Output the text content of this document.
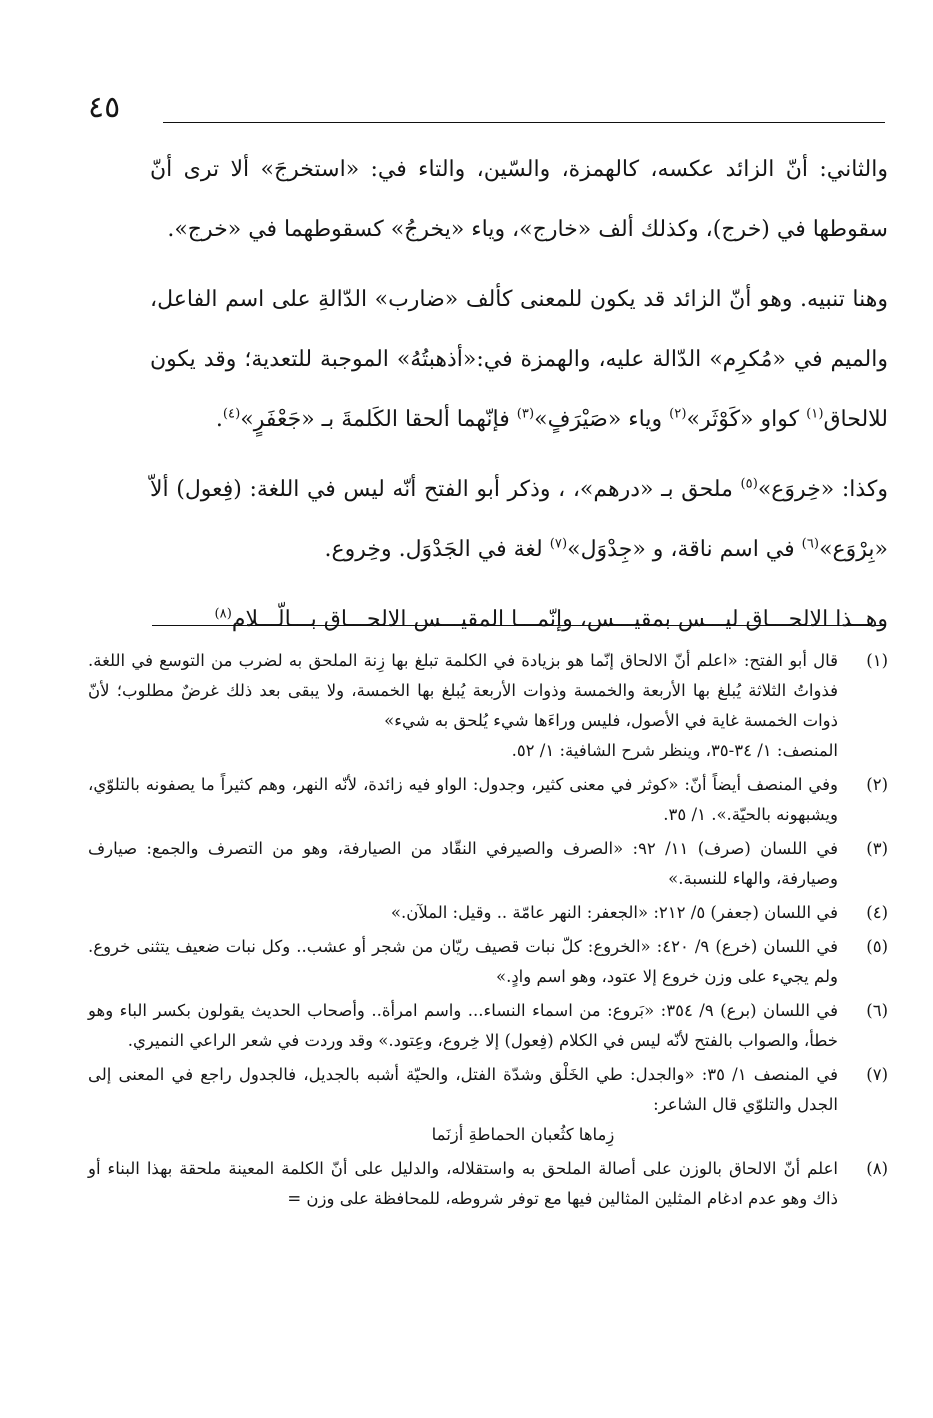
٤٥

والثاني: أنّ الزائد عكسه، كالهمزة، والسّين، والتاء في: «استخرجَ» ألا ترى أنّ سقوطها في (خرج)، وكذلك ألف «خارج»، وياء «يخرجُ» كسقوطهما في «خرج».

وهنا تنبيه. وهو أنّ الزائد قد يكون للمعنى كألف «ضارب» الدّالةِ على اسم الفاعل، والميم في «مُكرِم» الدّالة عليه، والهمزة في:«أذهبتُهُ» الموجبة للتعدية؛ وقد يكون للالحاق$^{(١)}$ كواو «كَوْثَر»$^{(٢)}$ وياء «صَيْرَفٍ»$^{(٣)}$ فإنّهما ألحقا الكَلمةَ بـ «جَعْفَرٍ»$^{(٤)}$.

وكذا: «خِروَع»$^{(٥)}$ ملحق بـ «درهم»، ، وذكر أبو الفتح أنّه ليس في اللغة: (فِعول) ألاّ «بِرْوَع»$^{(٦)}$ في اسم ناقة، و «جِدْوَل»$^{(٧)}$ لغة في الجَدْوَل. وخِروع.

وهــذا الالحـــاق ليـــس بمقيـــس، وإنّمـــا المقيـــس الالحـــاق بـــالّـــلام$^{(٨)}$

(١)

قال أبو الفتح: «اعلم أنّ الالحاق إنّما هو بزيادة في الكلمة تبلغ بها زِنة الملحق به لضرب من التوسع في اللغة. فذواتُ الثلاثة يُبلغ بها الأربعة والخمسة وذوات الأربعة يُبلغ بها الخمسة، ولا يبقى بعد ذلك غرضٌ مطلوب؛ لأنّ ذوات الخمسة غاية في الأصول، فليس وراءَها شيء يُلحق به شيء»

المنصف: ١/ ٣٤-٣٥، وينظر شرح الشافية: ١/ ٥٢.

(٢)

وفي المنصف أيضاً أنّ: «كوثر في معنى كثير، وجدول: الواو فيه زائدة، لأنّه النهر، وهم كثيراً ما يصفونه بالتلوّي، ويشبهونه بالحيّة.». ١/ ٣٥.

(٣)

في اللسان (صرف) ١١/ ٩٢: «الصرف والصيرفي النقّاد من الصيارفة، وهو من التصرف والجمع: صيارف وصيارفة، والهاء للنسبة.»

(٤)

في اللسان (جعفر) ٥/ ٢١٢: «الجعفر: النهر عامّة .. وقيل: الملآن.»

(٥)

في اللسان (خرع) ٩/ ٤٢٠: «الخروع: كلّ نبات قصيف ريّان من شجر أو عشب.. وكل نبات ضعيف يتثنى خروع. ولم يجيء على وزن خروع إلا عتود، وهو اسم وادٍ.»

(٦)

في اللسان (برع) ٩/ ٣٥٤: «بَروع: من اسماء النساء... واسم امرأة.. وأصحاب الحديث يقولون بكسر الباء وهو خطأ، والصواب بالفتح لأنّه ليس في الكلام (فِعول) إلا خِروع، وعِتود.» وقد وردت في شعر الراعي النميري.

(٧)

في المنصف ١/ ٣٥: «والجدل: طي الخَلْق وشدّة الفتل، والحيّة أشبه بالجديل، فالجدول راجع في المعنى إلى الجدل والتلوّي قال الشاعر:

زِماها كثُعبان الحماطةِ أزنَما

(٨)

اعلم أنّ الالحاق بالوزن على أصالة الملحق به واستقلاله، والدليل على أنّ الكلمة المعينة ملحقة بهذا البناء أو ذاك وهو عدم ادغام المثلين المثالين فيها مع توفر شروطه، للمحافظة على وزن =
